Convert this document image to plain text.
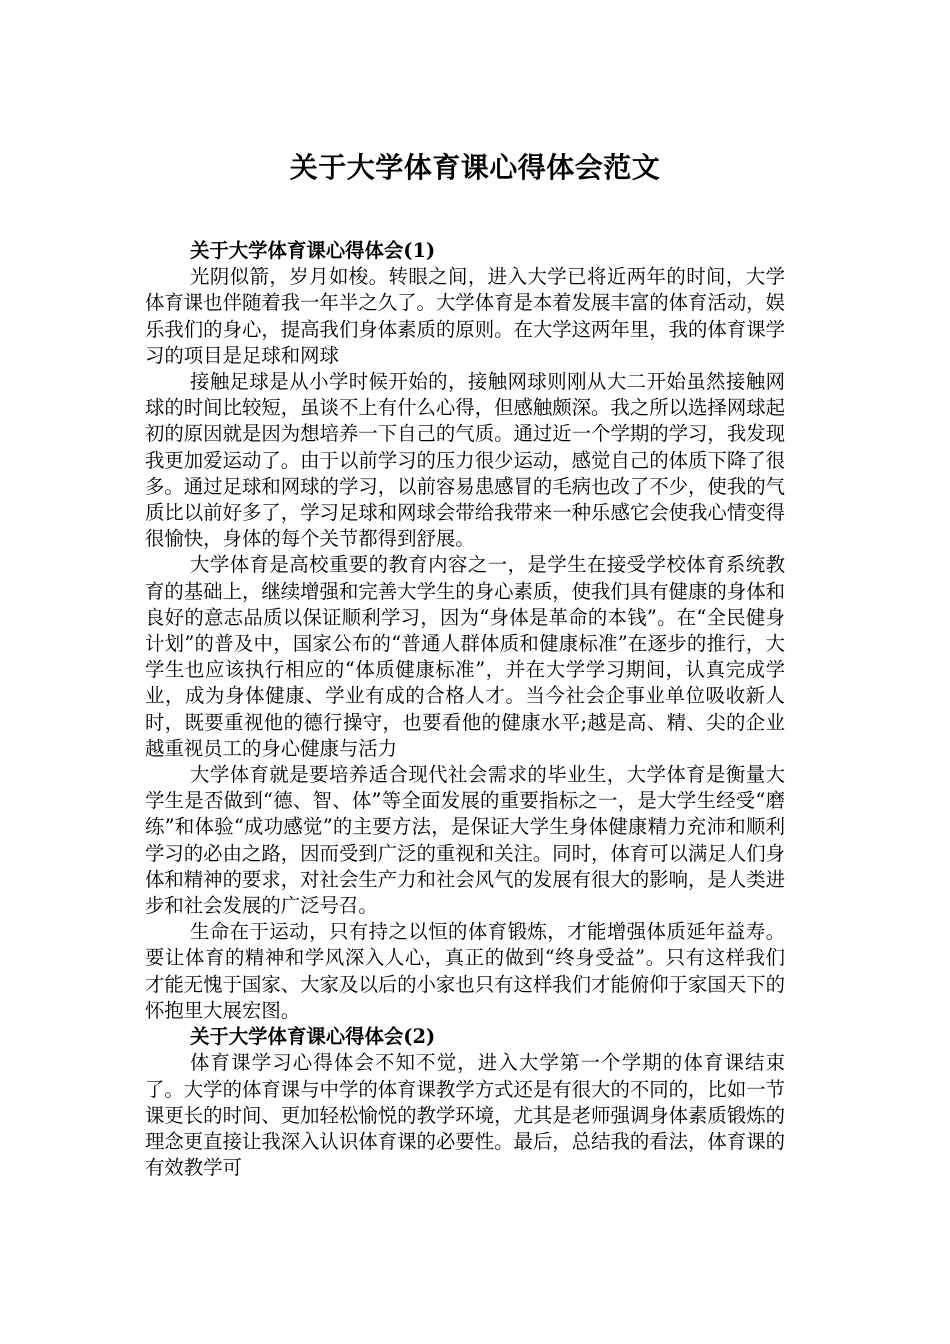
关于大学体育课心得体会范文

关于大学体育课心得体会(1)

光阴似箭，岁月如梭。转眼之间，进入大学已将近两年的时间，大学体育课也伴随着我一年半之久了。大学体育是本着发展丰富的体育活动，娱乐我们的身心，提高我们身体素质的原则。在大学这两年里，我的体育课学习的项目是足球和网球

接触足球是从小学时候开始的，接触网球则刚从大二开始虽然接触网球的时间比较短，虽谈不上有什么心得，但感触颇深。我之所以选择网球起初的原因就是因为想培养一下自己的气质。通过近一个学期的学习，我发现我更加爱运动了。由于以前学习的压力很少运动，感觉自己的体质下降了很多。通过足球和网球的学习，以前容易患感冒的毛病也改了不少，使我的气质比以前好多了，学习足球和网球会带给我带来一种乐感它会使我心情变得很愉快，身体的每个关节都得到舒展。

大学体育是高校重要的教育内容之一，是学生在接受学校体育系统教育的基础上，继续增强和完善大学生的身心素质，使我们具有健康的身体和良好的意志品质以保证顺利学习，因为“身体是革命的本钱”。在“全民健身计划”的普及中，国家公布的“普通人群体质和健康标准”在逐步的推行，大学生也应该执行相应的“体质健康标准”，并在大学学习期间，认真完成学业，成为身体健康、学业有成的合格人才。当今社会企事业单位吸收新人时，既要重视他的德行操守，也要看他的健康水平;越是高、精、尖的企业越重视员工的身心健康与活力

大学体育就是要培养适合现代社会需求的毕业生，大学体育是衡量大学生是否做到“德、智、体”等全面发展的重要指标之一，是大学生经受“磨练”和体验“成功感觉”的主要方法，是保证大学生身体健康精力充沛和顺利学习的必由之路，因而受到广泛的重视和关注。同时，体育可以满足人们身体和精神的要求，对社会生产力和社会风气的发展有很大的影响，是人类进步和社会发展的广泛号召。

生命在于运动，只有持之以恒的体育锻炼，才能增强体质延年益寿。要让体育的精神和学风深入人心，真正的做到“终身受益”。只有这样我们才能无愧于国家、大家及以后的小家也只有这样我们才能俯仰于家国天下的怀抱里大展宏图。

关于大学体育课心得体会(2)

体育课学习心得体会不知不觉，进入大学第一个学期的体育课结束了。大学的体育课与中学的体育课教学方式还是有很大的不同的，比如一节课更长的时间、更加轻松愉悦的教学环境，尤其是老师强调身体素质锻炼的理念更直接让我深入认识体育课的必要性。最后，总结我的看法，体育课的有效教学可
